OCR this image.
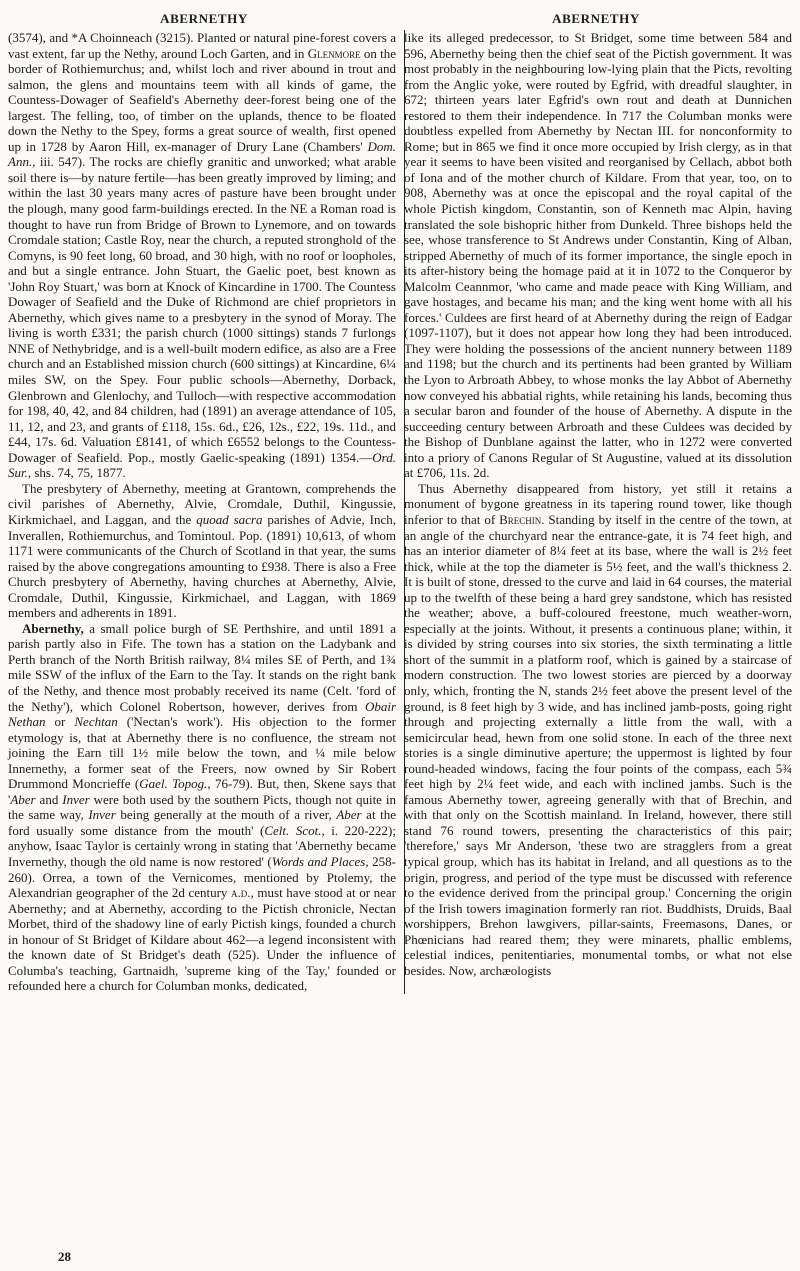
ABERNETHY	ABERNETHY

(3574), and *A Choinneach (3215). Planted or natural pine-forest covers a vast extent, far up the Nethy, around Loch Garten, and in Glenmore on the border of Rothiemurchus; and, whilst loch and river abound in trout and salmon, the glens and mountains teem with all kinds of game, the Countess-Dowager of Seafield's Abernethy deer-forest being one of the largest. The felling, too, of timber on the uplands, thence to be floated down the Nethy to the Spey, forms a great source of wealth, first opened up in 1728 by Aaron Hill, ex-manager of Drury Lane (Chambers' Dom. Ann., iii. 547). The rocks are chiefly granitic and unworked; what arable soil there is—by nature fertile—has been greatly improved by liming; and within the last 30 years many acres of pasture have been brought under the plough, many good farm-buildings erected. In the NE a Roman road is thought to have run from Bridge of Brown to Lynemore, and on towards Cromdale station; Castle Roy, near the church, a reputed stronghold of the Comyns, is 90 feet long, 60 broad, and 30 high, with no roof or loopholes, and but a single entrance. John Stuart, the Gaelic poet, best known as 'John Roy Stuart,' was born at Knock of Kincardine in 1700. The Countess Dowager of Seafield and the Duke of Richmond are chief proprietors in Abernethy, which gives name to a presbytery in the synod of Moray. The living is worth £331; the parish church (1000 sittings) stands 7 furlongs NNE of Nethybridge, and is a well-built modern edifice, as also are a Free church and an Established mission church (600 sittings) at Kincardine, 6¼ miles SW, on the Spey. Four public schools—Abernethy, Dorback, Glenbrown and Glenlochy, and Tulloch—with respective accommodation for 198, 40, 42, and 84 children, had (1891) an average attendance of 105, 11, 12, and 23, and grants of £118, 15s. 6d., £26, 12s., £22, 19s. 11d., and £44, 17s. 6d. Valuation £8141, of which £6552 belongs to the Countess-Dowager of Seafield. Pop., mostly Gaelic-speaking (1891) 1354.—Ord. Sur., shs. 74, 75, 1877.

The presbytery of Abernethy, meeting at Grantown, comprehends the civil parishes of Abernethy, Alvie, Cromdale, Duthil, Kingussie, Kirkmichael, and Laggan, and the quoad sacra parishes of Advie, Inch, Inverallen, Rothiemurchus, and Tomintoul. Pop. (1891) 10,613, of whom 1171 were communicants of the Church of Scotland in that year, the sums raised by the above congregations amounting to £938. There is also a Free Church presbytery of Abernethy, having churches at Abernethy, Alvie, Cromdale, Duthil, Kingussie, Kirkmichael, and Laggan, with 1869 members and adherents in 1891.

Abernethy, a small police burgh of SE Perthshire, and until 1891 a parish partly also in Fife. The town has a station on the Ladybank and Perth branch of the North British railway, 8¼ miles SE of Perth, and 1¾ mile SSW of the influx of the Earn to the Tay. It stands on the right bank of the Nethy, and thence most probably received its name (Celt. 'ford of the Nethy'), which Colonel Robertson, however, derives from Obair Nethan or Nechtan ('Nectan's work'). His objection to the former etymology is, that at Abernethy there is no confluence, the stream not joining the Earn till 1½ mile below the town, and ¼ mile below Innernethy, a former seat of the Freers, now owned by Sir Robert Drummond Moncrieffe (Gael. Topog., 76-79). But, then, Skene says that 'Aber and Inver were both used by the southern Picts, though not quite in the same way, Inver being generally at the mouth of a river, Aber at the ford usually some distance from the mouth' (Celt. Scot., i. 220-222); anyhow, Isaac Taylor is certainly wrong in stating that 'Abernethy became Invernethy, though the old name is now restored' (Words and Places, 258-260). Orrea, a town of the Vernicomes, mentioned by Ptolemy, the Alexandrian geographer of the 2d century a.d., must have stood at or near Abernethy; and at Abernethy, according to the Pictish chronicle, Nectan Morbet, third of the shadowy line of early Pictish kings, founded a church in honour of St Bridget of Kildare about 462—a legend inconsistent with the known date of St Bridget's death (525). Under the influence of Columba's teaching, Gartnaidh, 'supreme king of the Tay,' founded or refounded here a church for Columban monks, dedicated,

like its alleged predecessor, to St Bridget, some time between 584 and 596, Abernethy being then the chief seat of the Pictish government. It was most probably in the neighbouring low-lying plain that the Picts, revolting from the Anglic yoke, were routed by Egfrid, with dreadful slaughter, in 672; thirteen years later Egfrid's own rout and death at Dunnichen restored to them their independence. In 717 the Columban monks were doubtless expelled from Abernethy by Nectan III. for nonconformity to Rome; but in 865 we find it once more occupied by Irish clergy, as in that year it seems to have been visited and reorganised by Cellach, abbot both of Iona and of the mother church of Kildare. From that year, too, on to 908, Abernethy was at once the episcopal and the royal capital of the whole Pictish kingdom, Constantin, son of Kenneth mac Alpin, having translated the sole bishopric hither from Dunkeld. Three bishops held the see, whose transference to St Andrews under Constantin, King of Alban, stripped Abernethy of much of its former importance, the single epoch in its after-history being the homage paid at it in 1072 to the Conqueror by Malcolm Ceannmor, 'who came and made peace with King William, and gave hostages, and became his man; and the king went home with all his forces.' Culdees are first heard of at Abernethy during the reign of Eadgar (1097-1107), but it does not appear how long they had been introduced. They were holding the possessions of the ancient nunnery between 1189 and 1198; but the church and its pertinents had been granted by William the Lyon to Arbroath Abbey, to whose monks the lay Abbot of Abernethy now conveyed his abbatial rights, while retaining his lands, becoming thus a secular baron and founder of the house of Abernethy. A dispute in the succeeding century between Arbroath and these Culdees was decided by the Bishop of Dunblane against the latter, who in 1272 were converted into a priory of Canons Regular of St Augustine, valued at its dissolution at £706, 11s. 2d.

Thus Abernethy disappeared from history, yet still it retains a monument of bygone greatness in its tapering round tower, like though inferior to that of Brechin. Standing by itself in the centre of the town, at an angle of the churchyard near the entrance-gate, it is 74 feet high, and has an interior diameter of 8¼ feet at its base, where the wall is 2½ feet thick, while at the top the diameter is 5½ feet, and the wall's thickness 2. It is built of stone, dressed to the curve and laid in 64 courses, the material up to the twelfth of these being a hard grey sandstone, which has resisted the weather; above, a buff-coloured freestone, much weather-worn, especially at the joints. Without, it presents a continuous plane; within, it is divided by string courses into six stories, the sixth terminating a little short of the summit in a platform roof, which is gained by a staircase of modern construction. The two lowest stories are pierced by a doorway only, which, fronting the N, stands 2½ feet above the present level of the ground, is 8 feet high by 3 wide, and has inclined jamb-posts, going right through and projecting externally a little from the wall, with a semicircular head, hewn from one solid stone. In each of the three next stories is a single diminutive aperture; the uppermost is lighted by four round-headed windows, facing the four points of the compass, each 5¾ feet high by 2¼ feet wide, and each with inclined jambs. Such is the famous Abernethy tower, agreeing generally with that of Brechin, and with that only on the Scottish mainland. In Ireland, however, there still stand 76 round towers, presenting the characteristics of this pair; 'therefore,' says Mr Anderson, 'these two are stragglers from a great typical group, which has its habitat in Ireland, and all questions as to the origin, progress, and period of the type must be discussed with reference to the evidence derived from the principal group.' Concerning the origin of the Irish towers imagination formerly ran riot. Buddhists, Druids, Baal worshippers, Brehon lawgivers, pillar-saints, Freemasons, Danes, or Phœnicians had reared them; they were minarets, phallic emblems, celestial indices, penitentiaries, monumental tombs, or what not else besides. Now, archæologists

28
